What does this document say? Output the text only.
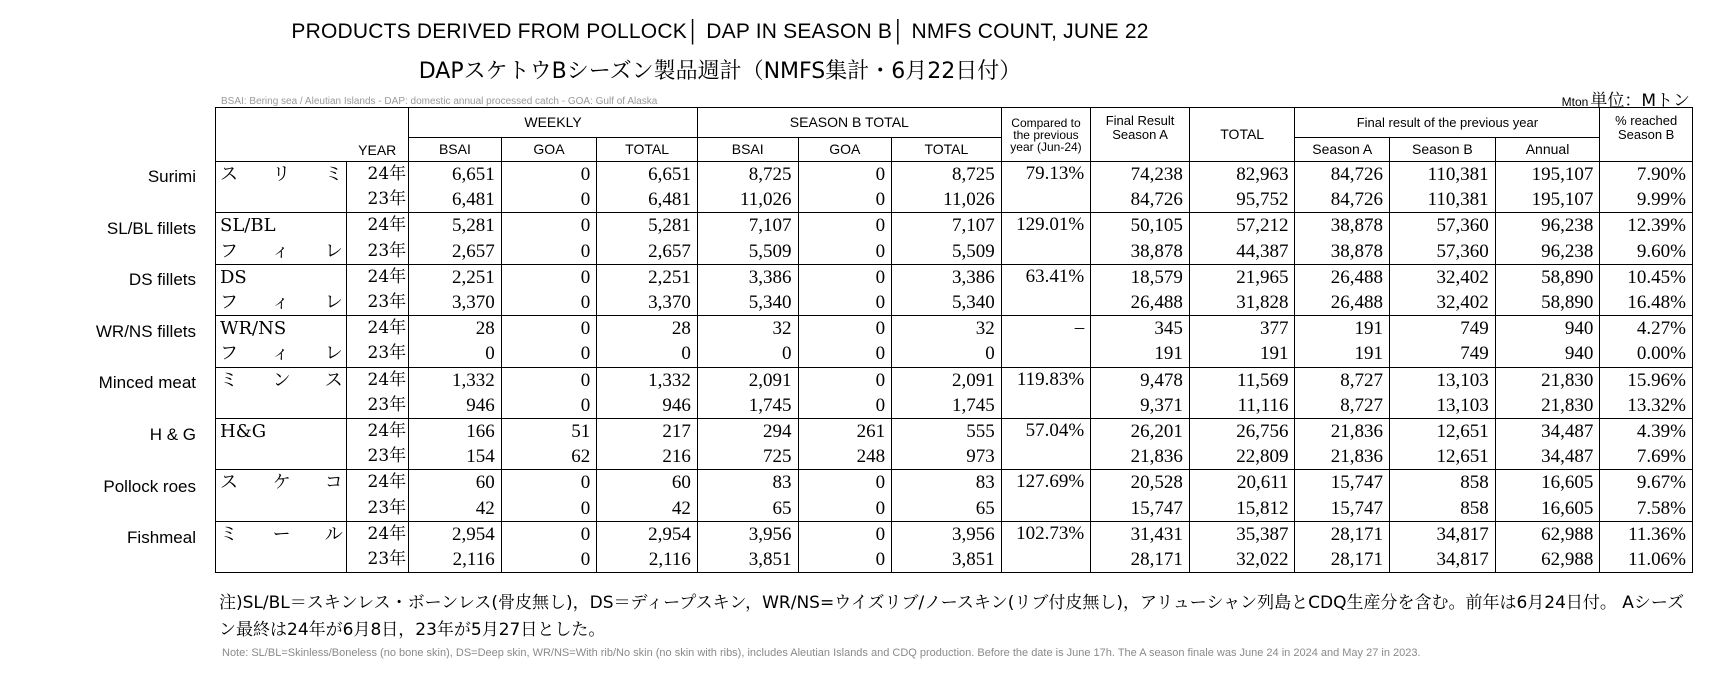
PRODUCTS DERIVED FROM POLLOCK│ DAP IN SEASON B│ NMFS COUNT, JUNE 22
DAPスケトウBシーズン製品週計（NMFS集計・6月22日付）
BSAI: Bering sea / Aleutian Islands - DAP: domestic annual processed catch - GOA: Gulf of Alaska	Mton 単位：Mトン
Surimi
SL/BL fillets
DS fillets
WR/NS fillets
Minced meat
H & G
Pollock roes
Fishmeal
	YEAR	WEEKLY			SEASON B TOTAL			Compared to the previous year (Jun-24)	Final Result Season A	TOTAL	Final result of the previous year			% reached Season B
		BSAI	GOA	TOTAL	BSAI	GOA	TOTAL				Season A	Season B	Annual	
スリミ	24年	6,651	0	6,651	8,725	0	8,725	79.13%	74,238	82,963	84,726	110,381	195,107	7.90%
	23年	6,481	0	6,481	11,026	0	11,026		84,726	95,752	84,726	110,381	195,107	9.99%
SL/BL	24年	5,281	0	5,281	7,107	0	7,107	129.01%	50,105	57,212	38,878	57,360	96,238	12.39%
フィレ	23年	2,657	0	2,657	5,509	0	5,509		38,878	44,387	38,878	57,360	96,238	9.60%
DS	24年	2,251	0	2,251	3,386	0	3,386	63.41%	18,579	21,965	26,488	32,402	58,890	10.45%
フィレ	23年	3,370	0	3,370	5,340	0	5,340		26,488	31,828	26,488	32,402	58,890	16.48%
WR/NS	24年	28	0	28	32	0	32	–	345	377	191	749	940	4.27%
フィレ	23年	0	0	0	0	0	0		191	191	191	749	940	0.00%
ミンス	24年	1,332	0	1,332	2,091	0	2,091	119.83%	9,478	11,569	8,727	13,103	21,830	15.96%
	23年	946	0	946	1,745	0	1,745		9,371	11,116	8,727	13,103	21,830	13.32%
H&G	24年	166	51	217	294	261	555	57.04%	26,201	26,756	21,836	12,651	34,487	4.39%
	23年	154	62	216	725	248	973		21,836	22,809	21,836	12,651	34,487	7.69%
スケコ	24年	60	0	60	83	0	83	127.69%	20,528	20,611	15,747	858	16,605	9.67%
	23年	42	0	42	65	0	65		15,747	15,812	15,747	858	16,605	7.58%
ミール	24年	2,954	0	2,954	3,956	0	3,956	102.73%	31,431	35,387	28,171	34,817	62,988	11.36%
	23年	2,116	0	2,116	3,851	0	3,851		28,171	32,022	28,171	34,817	62,988	11.06%
注)SL/BL＝スキンレス・ボーンレス(骨皮無し)，DS＝ディープスキン，WR/NS=ウイズリブ/ノースキン(リブ付皮無し)，アリューシャン列島とCDQ生産分を含む。前年は6月24日付。 Aシーズン最終は24年が6月8日，23年が5月27日とした。
Note: SL/BL=Skinless/Boneless (no bone skin), DS=Deep skin, WR/NS=With rib/No skin (no skin with ribs), includes Aleutian Islands and CDQ production. Before the date is June 17h. The A season finale was June 24 in 2024 and May 27 in 2023.
